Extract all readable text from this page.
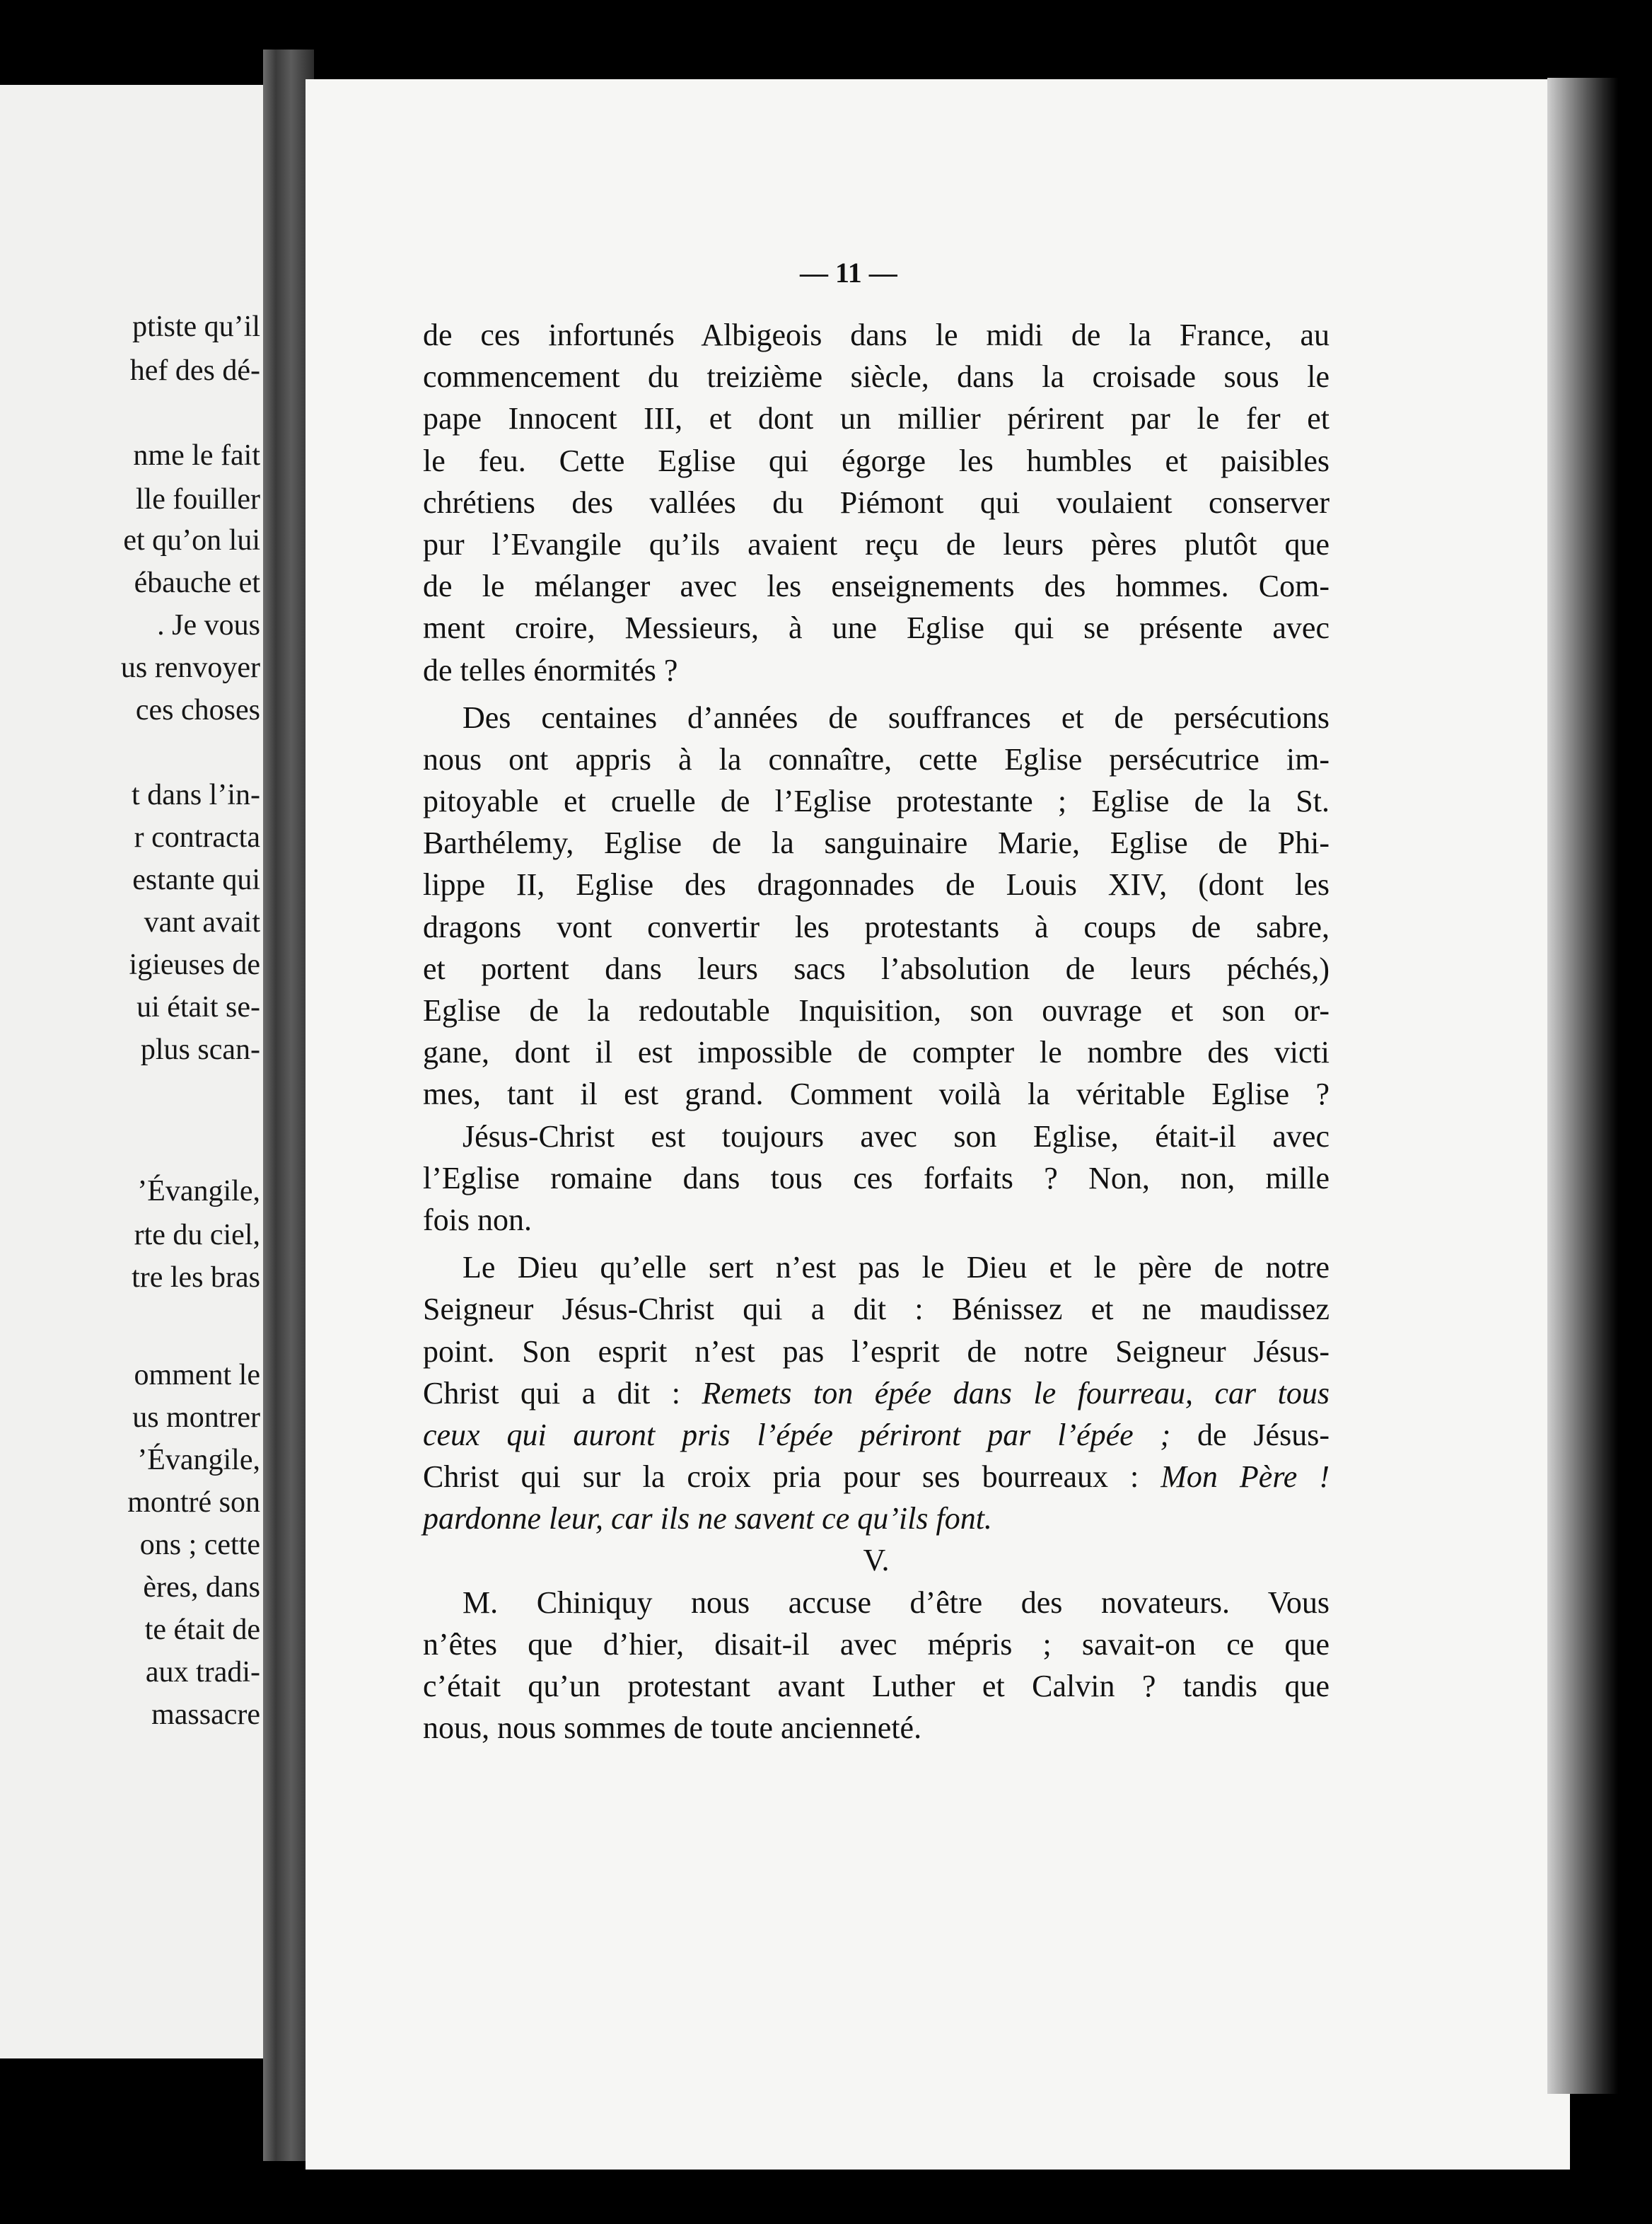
ptiste qu’il
hef des dé-
nme le fait
lle fouiller
et qu’on lui
ébauche et
. Je vous
us renvoyer
ces choses
t dans l’in-
r contracta
estante qui
vant avait
igieuses de
ui était se-
plus scan-
’Évangile,
rte du ciel,
tre les bras
omment le
us montrer
’Évangile,
montré son
ons ; cette
ères, dans
te était de
aux tradi-
massacre
— 11 —
de ces infortunés Albigeois dans le midi de la France, au
commencement du treizième siècle, dans la croisade sous le
pape Innocent III, et dont un millier périrent par le fer et
le feu. Cette Eglise qui égorge les humbles et paisibles
chrétiens des vallées du Piémont qui voulaient conserver
pur l’Evangile qu’ils avaient reçu de leurs pères plutôt que
de le mélanger avec les enseignements des hommes. Com-
ment croire, Messieurs, à une Eglise qui se présente avec
de telles énormités ?
Des centaines d’années de souffrances et de persécutions
nous ont appris à la connaître, cette Eglise persécutrice im-
pitoyable et cruelle de l’Eglise protestante ; Eglise de la St.
Barthélemy, Eglise de la sanguinaire Marie, Eglise de Phi-
lippe II, Eglise des dragonnades de Louis XIV, (dont les
dragons vont convertir les protestants à coups de sabre,
et portent dans leurs sacs l’absolution de leurs péchés,)
Eglise de la redoutable Inquisition, son ouvrage et son or-
gane, dont il est impossible de compter le nombre des victi
mes, tant il est grand. Comment voilà la véritable Eglise ?
Jésus-Christ est toujours avec son Eglise, était-il avec
l’Eglise romaine dans tous ces forfaits ? Non, non, mille
fois non.
Le Dieu qu’elle sert n’est pas le Dieu et le père de notre
Seigneur Jésus-Christ qui a dit : Bénissez et ne maudissez
point. Son esprit n’est pas l’esprit de notre Seigneur Jésus-
Christ qui a dit : Remets ton épée dans le fourreau, car tous
ceux qui auront pris l’épée périront par l’épée ; de Jésus-
Christ qui sur la croix pria pour ses bourreaux : Mon Père !
pardonne leur, car ils ne savent ce qu’ils font.
V.
M. Chiniquy nous accuse d’être des novateurs. Vous
n’êtes que d’hier, disait-il avec mépris ; savait-on ce que
c’était qu’un protestant avant Luther et Calvin ? tandis que
nous, nous sommes de toute ancienneté.
